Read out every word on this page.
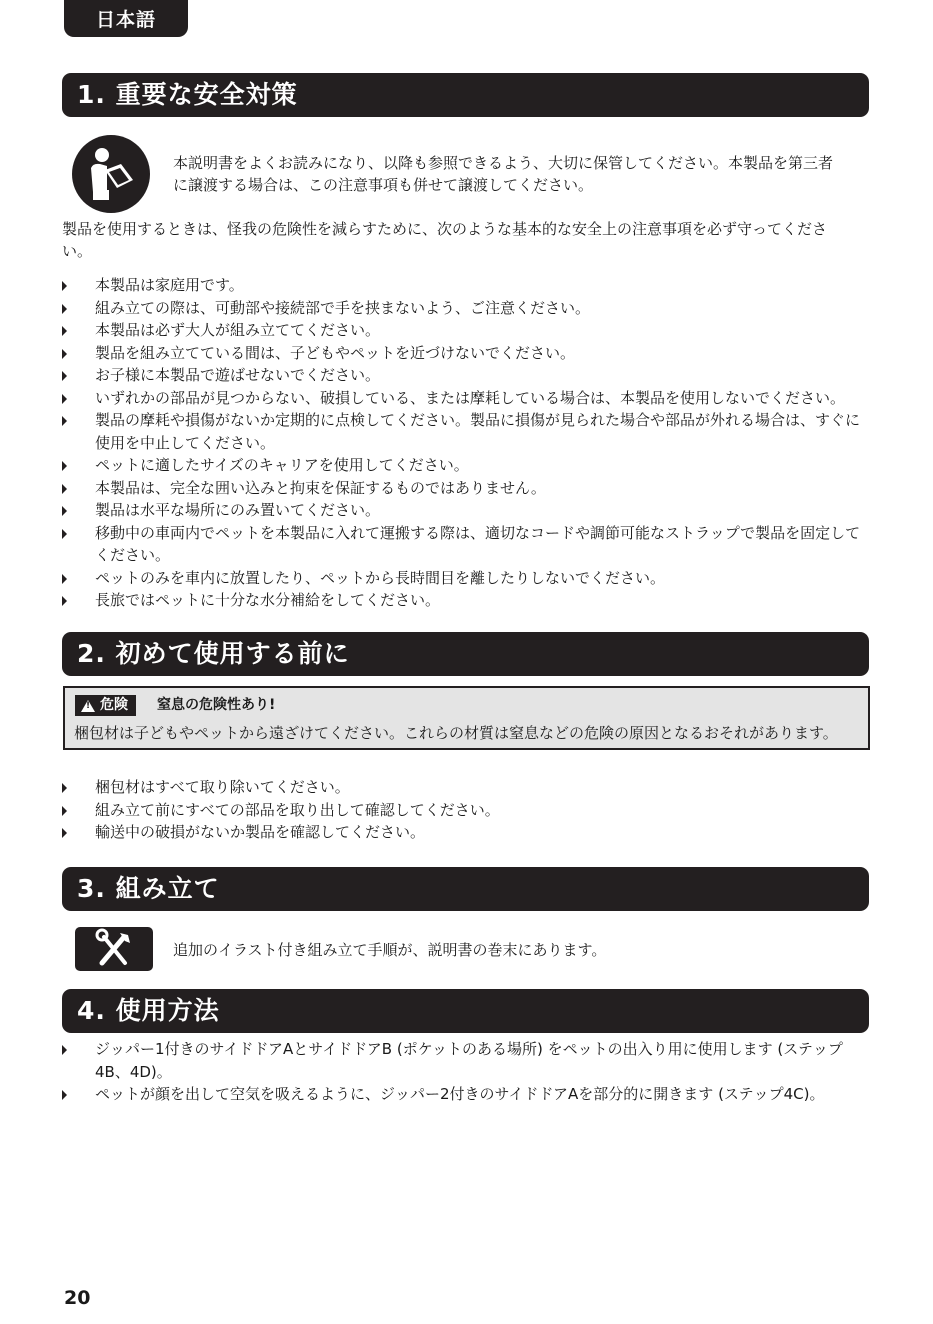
日本語
1. 重要な安全対策

本説明書をよくお読みになり、以降も参照できるよう、大切に保管してください。本製品を第三者

に譲渡する場合は、この注意事項も併せて譲渡してください。

製品を使用するときは、怪我の危険性を減らすために、次のような基本的な安全上の注意事項を必ず守ってくださ

い。

本製品は家庭用です。
組み立ての際は、可動部や接続部で手を挟まないよう、ご注意ください。
本製品は必ず大人が組み立ててください。
製品を組み立てている間は、子どもやペットを近づけないでください。
お子様に本製品で遊ばせないでください。
いずれかの部品が見つからない、破損している、または摩耗している場合は、本製品を使用しないでください。
製品の摩耗や損傷がないか定期的に点検してください。製品に損傷が見られた場合や部品が外れる場合は、すぐに使用を中止してください。
ペットに適したサイズのキャリアを使用してください。
本製品は、完全な囲い込みと拘束を保証するものではありません。
製品は水平な場所にのみ置いてください。
移動中の車両内でペットを本製品に入れて運搬する際は、適切なコードや調節可能なストラップで製品を固定してください。
ペットのみを車内に放置したり、ペットから長時間目を離したりしないでください。
長旅ではペットに十分な水分補給をしてください。
2. 初めて使用する前に
!
危険 窒息の危険性あり!
梱包材は子どもやペットから遠ざけてください。これらの材質は窒息などの危険の原因となるおそれがあります。
梱包材はすべて取り除いてください。
組み立て前にすべての部品を取り出して確認してください。
輸送中の破損がないか製品を確認してください。
3. 組み立て

追加のイラスト付き組み立て手順が、説明書の巻末にあります。

4. 使用方法
ジッパー1付きのサイドドアAとサイドドアB (ポケットのある場所) をペットの出入り用に使用します (ステップ4B、4D)。
ペットが顔を出して空気を吸えるように、ジッパー2付きのサイドドアAを部分的に開きます (ステップ4C)。
20
